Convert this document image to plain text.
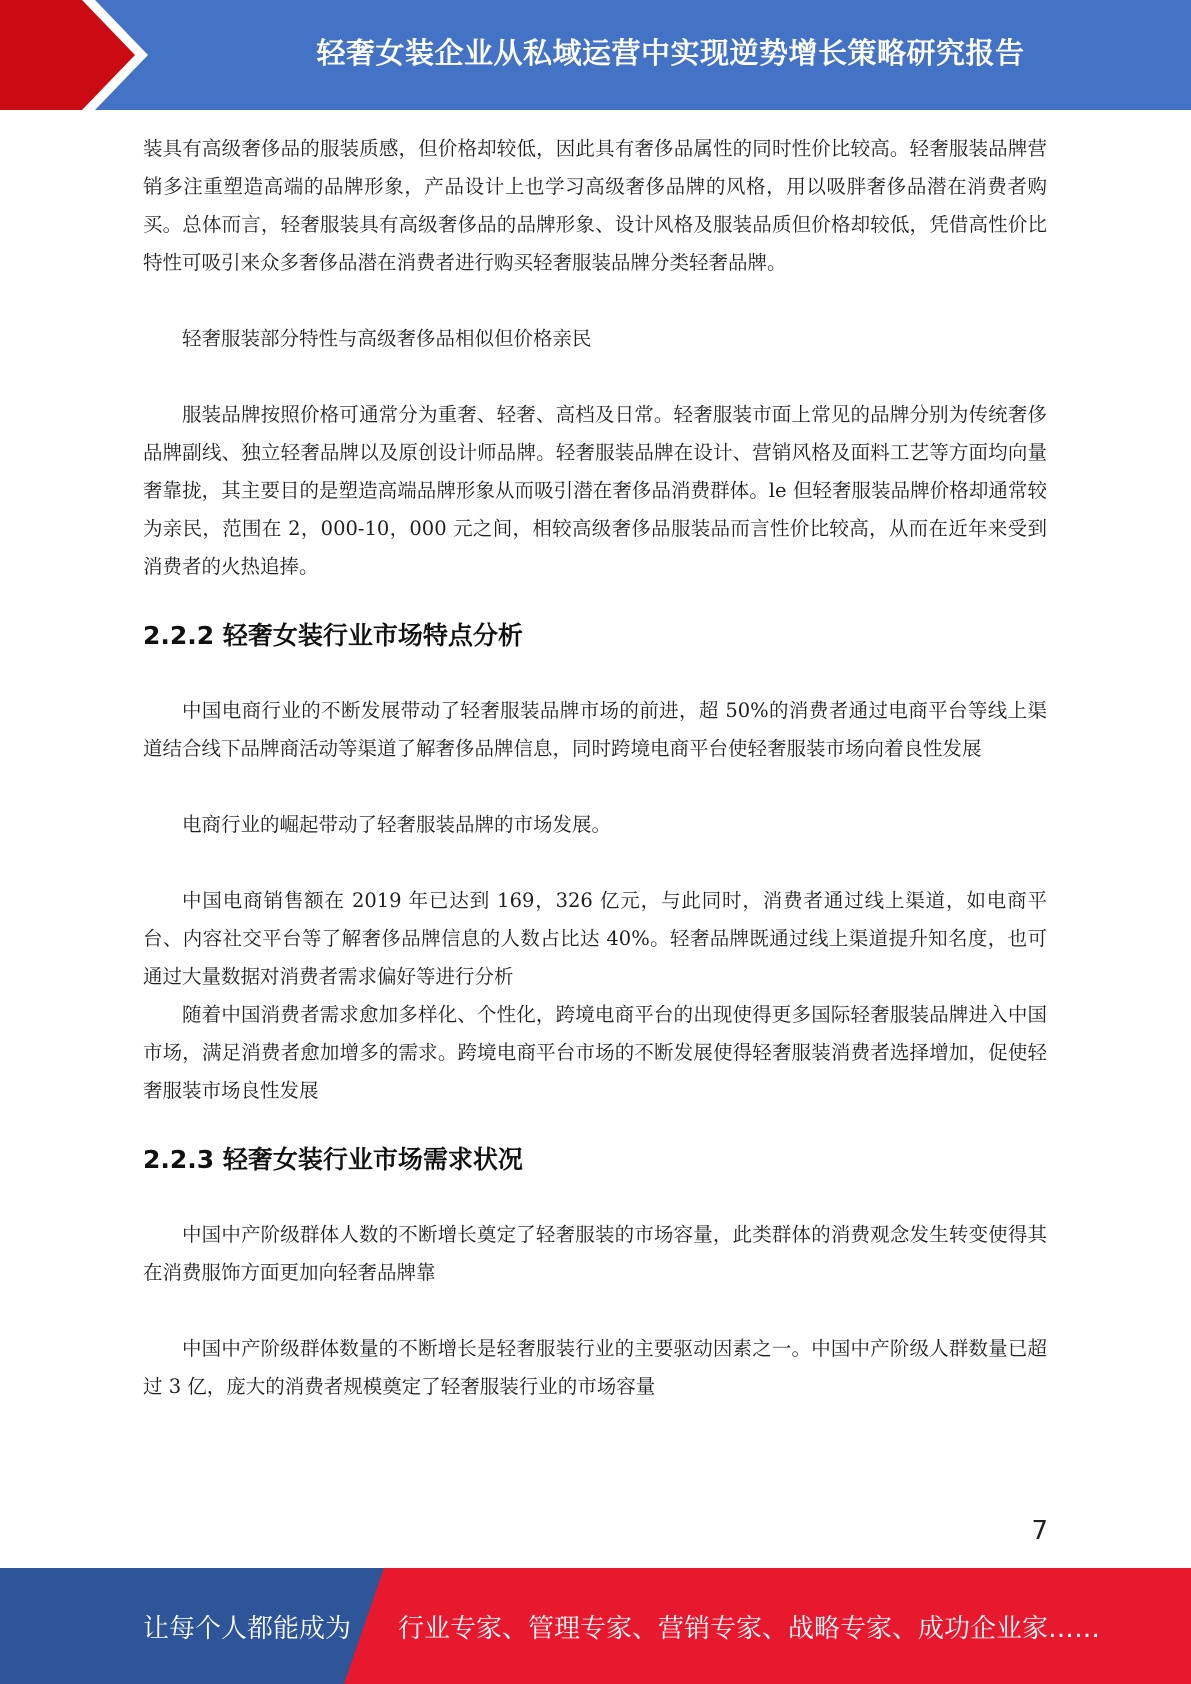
轻奢女装企业从私域运营中实现逆势增长策略研究报告

装具有高级奢侈品的服装质感，但价格却较低，因此具有奢侈品属性的同时性价比较高。轻奢服装品牌营销多注重塑造高端的品牌形象，产品设计上也学习高级奢侈品牌的风格，用以吸胖奢侈品潜在消费者购买。总体而言，轻奢服装具有高级奢侈品的品牌形象、设计风格及服装品质但价格却较低，凭借高性价比特性可吸引来众多奢侈品潜在消费者进行购买轻奢服装品牌分类轻奢品牌。

轻奢服装部分特性与高级奢侈品相似但价格亲民

服装品牌按照价格可通常分为重奢、轻奢、高档及日常。轻奢服装市面上常见的品牌分别为传统奢侈品牌副线、独立轻奢品牌以及原创设计师品牌。轻奢服装品牌在设计、营销风格及面料工艺等方面均向量奢靠拢，其主要目的是塑造高端品牌形象从而吸引潜在奢侈品消费群体。le 但轻奢服装品牌价格却通常较为亲民，范围在 2，000-10，000 元之间，相较高级奢侈品服装品而言性价比较高，从而在近年来受到消费者的火热追捧。

2.2.2 轻奢女装行业市场特点分析

中国电商行业的不断发展带动了轻奢服装品牌市场的前进，超 50%的消费者通过电商平台等线上渠道结合线下品牌商活动等渠道了解奢侈品牌信息，同时跨境电商平台使轻奢服装市场向着良性发展

电商行业的崛起带动了轻奢服装品牌的市场发展。

中国电商销售额在 2019 年已达到 169，326 亿元，与此同时，消费者通过线上渠道，如电商平台、内容社交平台等了解奢侈品牌信息的人数占比达 40%。轻奢品牌既通过线上渠道提升知名度，也可通过大量数据对消费者需求偏好等进行分析

随着中国消费者需求愈加多样化、个性化，跨境电商平台的出现使得更多国际轻奢服装品牌进入中国市场，满足消费者愈加增多的需求。跨境电商平台市场的不断发展使得轻奢服装消费者选择增加，促使轻奢服装市场良性发展

2.2.3 轻奢女装行业市场需求状况

中国中产阶级群体人数的不断增长奠定了轻奢服装的市场容量，此类群体的消费观念发生转变使得其在消费服饰方面更加向轻奢品牌靠

中国中产阶级群体数量的不断增长是轻奢服装行业的主要驱动因素之一。中国中产阶级人群数量已超过 3 亿，庞大的消费者规模奠定了轻奢服装行业的市场容量

7
让每个人都能成为 行业专家、管理专家、营销专家、战略专家、成功企业家……
